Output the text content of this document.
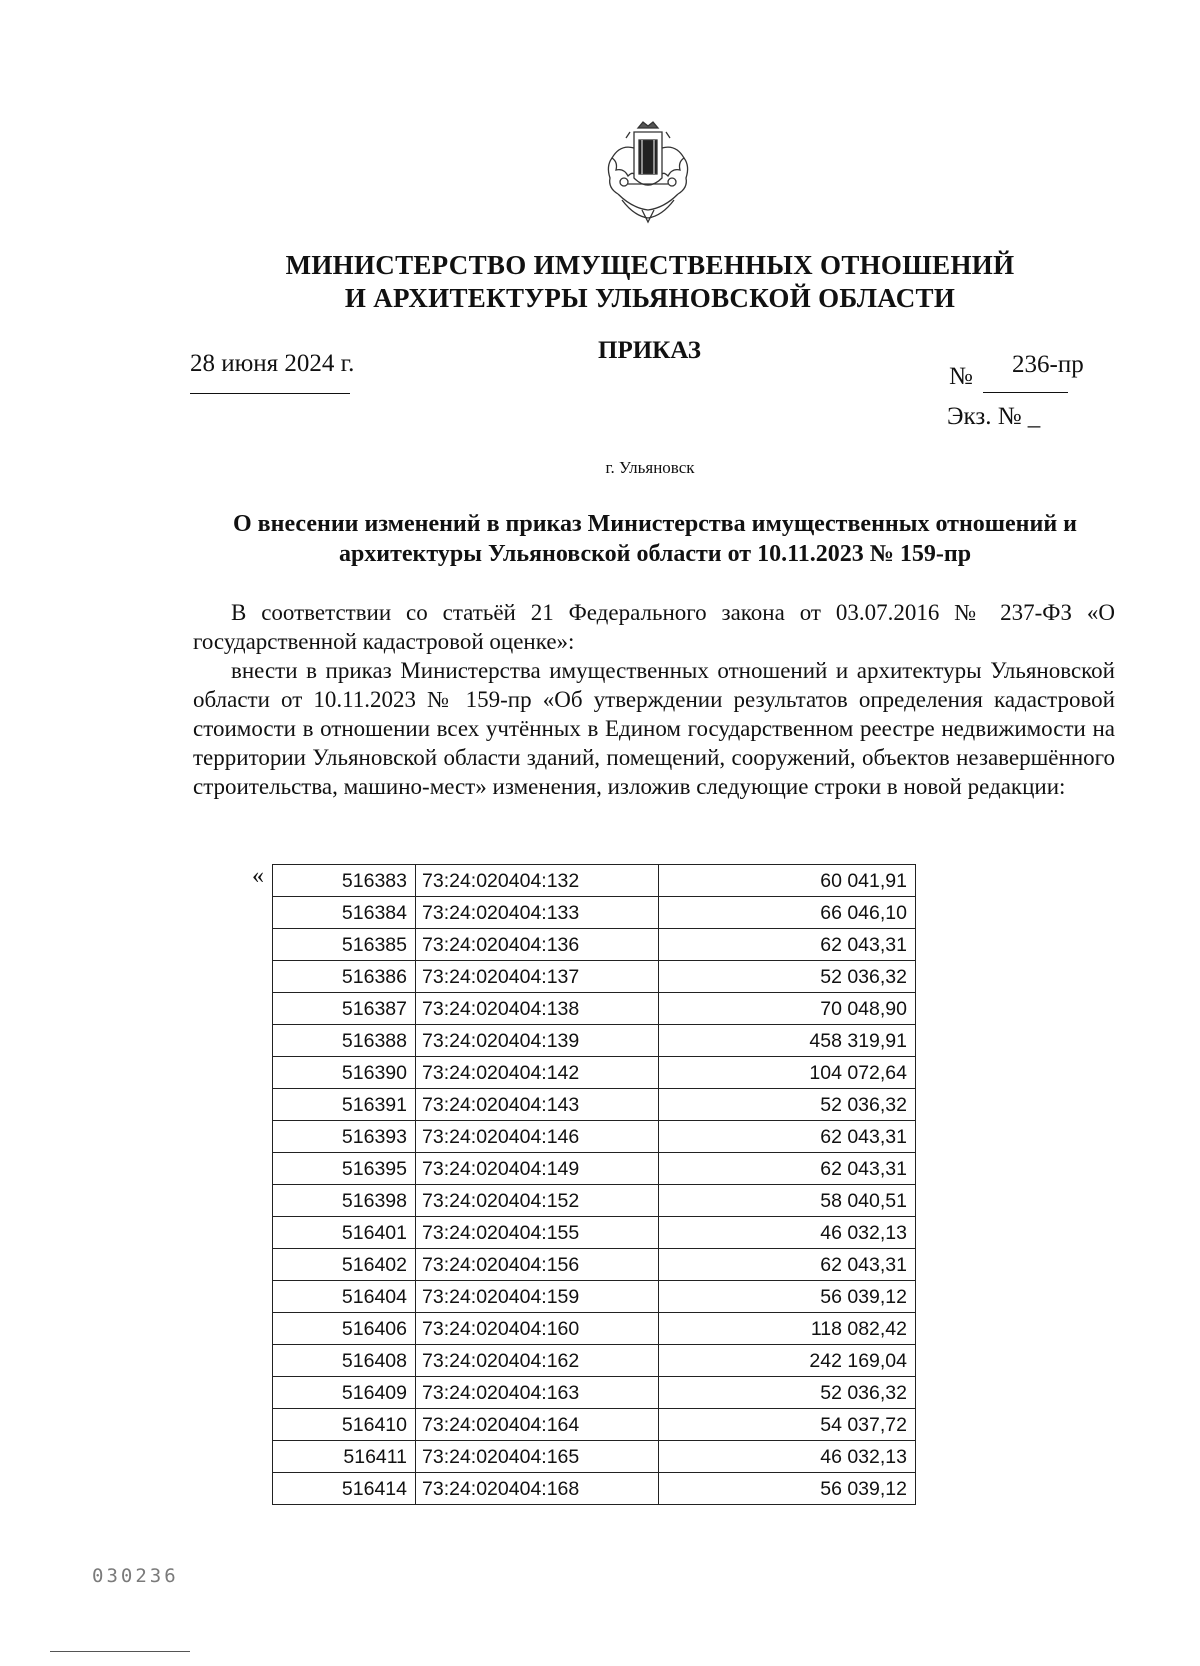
МИНИСТЕРСТВО ИМУЩЕСТВЕННЫХ ОТНОШЕНИЙ
И АРХИТЕКТУРЫ УЛЬЯНОВСКОЙ ОБЛАСТИ
ПРИКАЗ
28 июня 2024 г.	№ 236-пр
Экз. № _
г. Ульяновск
О внесении изменений в приказ Министерства имущественных отношений и архитектуры Ульяновской области от 10.11.2023 № 159-пр
В соответствии со статьёй 21 Федерального закона от 03.07.2016 № 237-ФЗ «О государственной кадастровой оценке»:
внести в приказ Министерства имущественных отношений и архитектуры Ульяновской области от 10.11.2023 № 159-пр «Об утверждении результатов определения кадастровой стоимости в отношении всех учтённых в Едином государственном реестре недвижимости на территории Ульяновской области зданий, помещений, сооружений, объектов незавершённого строительства, машино-мест» изменения, изложив следующие строки в новой редакции:
«	516383	73:24:020404:132	60 041,91
516384	73:24:020404:133	66 046,10
516385	73:24:020404:136	62 043,31
516386	73:24:020404:137	52 036,32
516387	73:24:020404:138	70 048,90
516388	73:24:020404:139	458 319,91
516390	73:24:020404:142	104 072,64
516391	73:24:020404:143	52 036,32
516393	73:24:020404:146	62 043,31
516395	73:24:020404:149	62 043,31
516398	73:24:020404:152	58 040,51
516401	73:24:020404:155	46 032,13
516402	73:24:020404:156	62 043,31
516404	73:24:020404:159	56 039,12
516406	73:24:020404:160	118 082,42
516408	73:24:020404:162	242 169,04
516409	73:24:020404:163	52 036,32
516410	73:24:020404:164	54 037,72
516411	73:24:020404:165	46 032,13
516414	73:24:020404:168	56 039,12
030236
